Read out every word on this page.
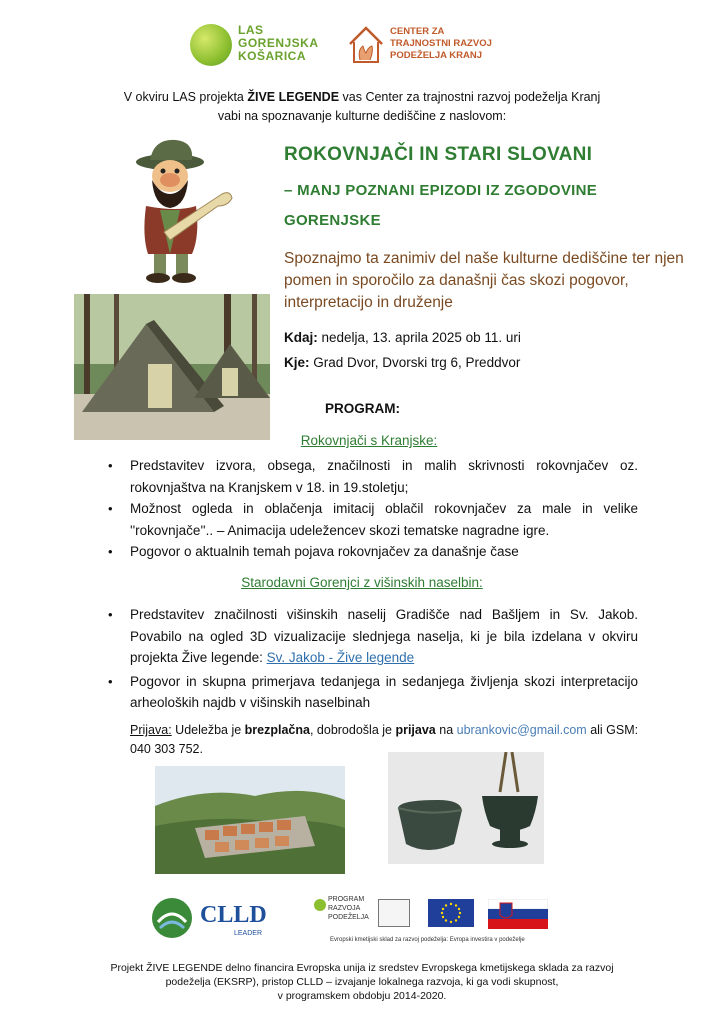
LAS
GORENJSKA
KOŠARICA
CENTER ZA
TRAJNOSTNI RAZVOJ
PODEŽELJA KRANJ
V okviru LAS projekta ŽIVE LEGENDE vas Center za trajnostni razvoj podeželja Kranj
vabi na spoznavanje kulturne dediščine z naslovom:
ROKOVNJAČI IN STARI SLOVANI
– MANJ POZNANI EPIZODI IZ ZGODOVINE
GORENJSKE
Spoznajmo ta zanimiv del naše kulturne dediščine ter njen pomen in sporočilo za današnji čas skozi pogovor, interpretacijo in druženje
Kdaj: nedelja, 13. aprila 2025 ob 11. uri
Kje: Grad Dvor, Dvorski trg 6, Preddvor
PROGRAM:
Rokovnjači s Kranjske:
• Predstavitev izvora, obsega, značilnosti in malih skrivnosti rokovnjačev oz. rokovnjaštva na Kranjskem v 18. in 19.stoletju;
• Možnost ogleda in oblačenja imitacij oblačil rokovnjačev za male in velike ''rokovnjače''.. – Animacija udeležencev skozi tematske nagradne igre.
• Pogovor o aktualnih temah pojava rokovnjačev za današnje čase
Starodavni Gorenjci z višinskih naselbin:
• Predstavitev značilnosti višinskih naselij Gradišče nad Bašljem in Sv. Jakob. Povabilo na ogled 3D vizualizacije slednjega naselja, ki je bila izdelana v okviru projekta Žive legende: Sv. Jakob - Žive legende
• Pogovor in skupna primerjava tedanjega in sedanjega življenja skozi interpretacijo arheoloških najdb v višinskih naselbinah
Prijava: Udeležba je brezplačna, dobrodošla je prijava na ubrankovic@gmail.com ali GSM: 040 303 752.
CLLD
LEADER
PROGRAM
RAZVOJA
PODEŽELJA
Evropski kmetijski sklad za razvoj podeželja: Evropa investira v podeželje
Projekt ŽIVE LEGENDE delno financira Evropska unija iz sredstev Evropskega kmetijskega sklada za razvoj
podeželja (EKSRP), pristop CLLD – izvajanje lokalnega razvoja, ki ga vodi skupnost,
v programskem obdobju 2014-2020.
